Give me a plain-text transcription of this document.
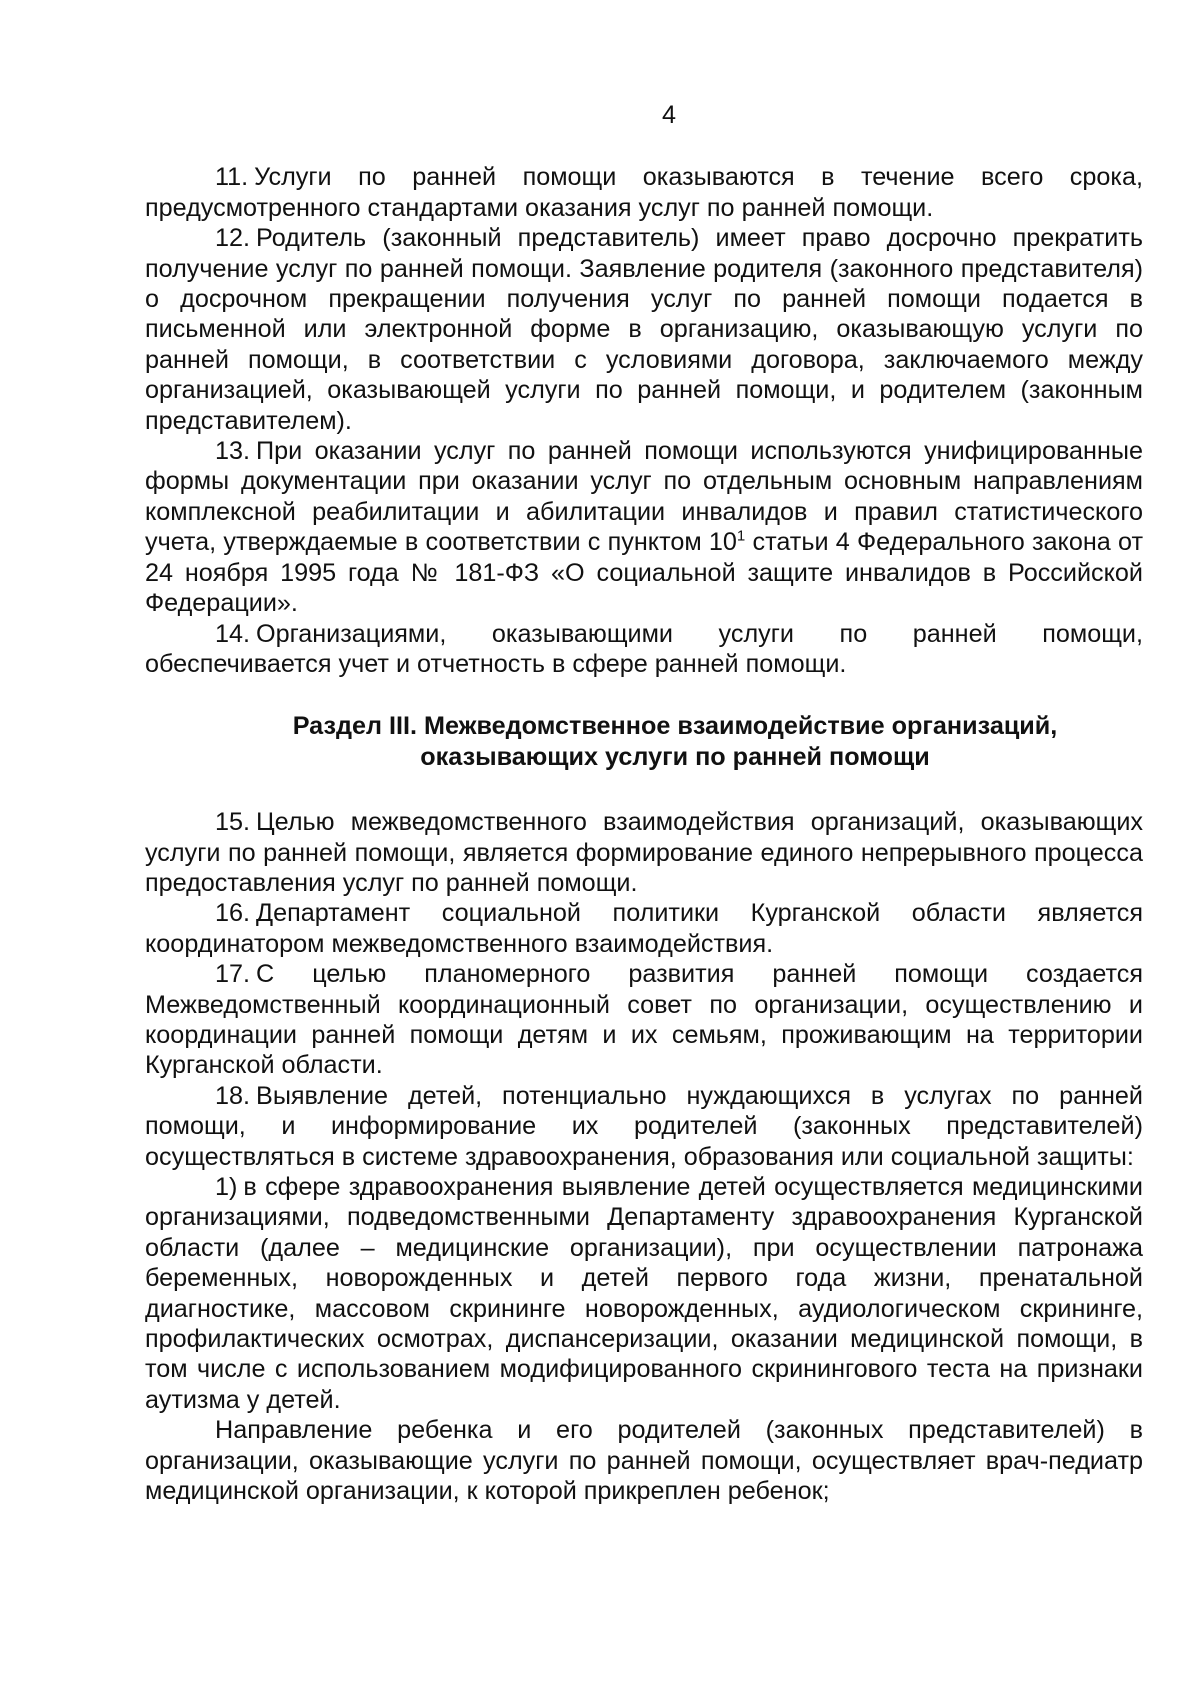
4

11. Услуги по ранней помощи оказываются в течение всего срока, предусмотренного стандартами оказания услуг по ранней помощи.

12. Родитель (законный представитель) имеет право досрочно прекратить получение услуг по ранней помощи. Заявление родителя (законного представителя) о досрочном прекращении получения услуг по ранней помощи подается в письменной или электронной форме в организацию, оказывающую услуги по ранней помощи, в соответствии с условиями договора, заключаемого между организацией, оказывающей услуги по ранней помощи, и родителем (законным представителем).

13. При оказании услуг по ранней помощи используются унифицированные формы документации при оказании услуг по отдельным основным направлениям комплексной реабилитации и абилитации инвалидов и правил статистического учета, утверждаемые в соответствии с пунктом $10^1$ статьи 4 Федерального закона от 24 ноября 1995 года № 181-ФЗ «О социальной защите инвалидов в Российской Федерации».

14. Организациями, оказывающими услуги по ранней помощи, обеспечивается учет и отчетность в сфере ранней помощи.

Раздел III. Межведомственное взаимодействие организаций,
оказывающих услуги по ранней помощи

15. Целью межведомственного взаимодействия организаций, оказывающих услуги по ранней помощи, является формирование единого непрерывного процесса предоставления услуг по ранней помощи.

16. Департамент социальной политики Курганской области является координатором межведомственного взаимодействия.

17. С целью планомерного развития ранней помощи создается Межведомственный координационный совет по организации, осуществлению и координации ранней помощи детям и их семьям, проживающим на территории Курганской области.

18. Выявление детей, потенциально нуждающихся в услугах по ранней помощи, и информирование их родителей (законных представителей) осуществляться в системе здравоохранения, образования или социальной защиты:

1) в сфере здравоохранения выявление детей осуществляется медицинскими организациями, подведомственными Департаменту здравоохранения Курганской области (далее – медицинские организации), при осуществлении патронажа беременных, новорожденных и детей первого года жизни, пренатальной диагностике, массовом скрининге новорожденных, аудиологическом скрининге, профилактических осмотрах, диспансеризации, оказании медицинской помощи, в том числе с использованием модифицированного скринингового теста на признаки аутизма у детей.

Направление ребенка и его родителей (законных представителей) в организации, оказывающие услуги по ранней помощи, осуществляет врач-педиатр медицинской организации, к которой прикреплен ребенок;
